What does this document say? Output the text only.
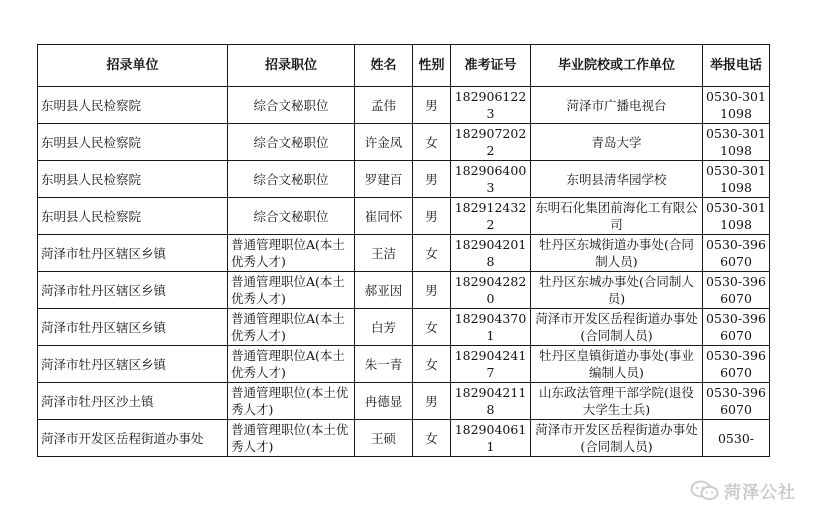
招录单位	招录职位	姓名	性别	准考证号	毕业院校或工作单位	举报电话
东明县人民检察院	综合文秘职位	孟伟	男	1829061223	菏泽市广播电视台	0530-3011098
东明县人民检察院	综合文秘职位	许金凤	女	1829072022	青岛大学	0530-3011098
东明县人民检察院	综合文秘职位	罗建百	男	1829064003	东明县清华园学校	0530-3011098
东明县人民检察院	综合文秘职位	崔同怀	男	1829124322	东明石化集团前海化工有限公司	0530-3011098
菏泽市牡丹区辖区乡镇	普通管理职位A(本土优秀人才)	王洁	女	1829042018	牡丹区东城街道办事处(合同制人员)	0530-3966070
菏泽市牡丹区辖区乡镇	普通管理职位A(本土优秀人才)	郝亚因	男	1829042820	牡丹区东城办事处(合同制人员)	0530-3966070
菏泽市牡丹区辖区乡镇	普通管理职位A(本土优秀人才)	白芳	女	1829043701	菏泽市开发区岳程街道办事处(合同制人员)	0530-3966070
菏泽市牡丹区辖区乡镇	普通管理职位A(本土优秀人才)	朱一青	女	1829042417	牡丹区皇镇街道办事处(事业编制人员)	0530-3966070
菏泽市牡丹区沙土镇	普通管理职位(本土优秀人才)	冉德显	男	1829042118	山东政法管理干部学院(退役大学生士兵)	0530-3966070
菏泽市开发区岳程街道办事处	普通管理职位(本土优秀人才)	王硕	女	1829040611	菏泽市开发区岳程街道办事处(合同制人员)	0530-
菏泽公社
